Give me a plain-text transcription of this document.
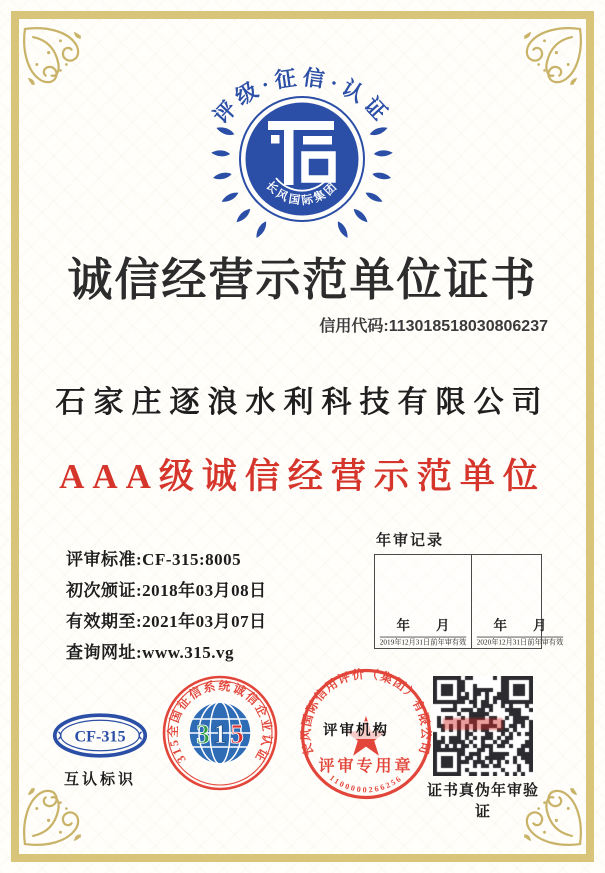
评级·征信·认证
长风国际集团
诚信经营示范单位证书
信用代码:113018518030806237
石家庄逐浪水利科技有限公司
AAA级诚信经营示范单位
评审标准:CF-315:8005
初次颁证:2018年03月08日
有效期至:2021年03月07日
查询网址:www.315.vg
年审记录
年 月
2019年12月31日前年审有效
年 月
2020年12月31日前年审有效
CF-315
互认标识
315全国征信系统诚信企业认证
3 1 5	长风国际信用评价（集团）有限公司
评审机构
评审专用章
1100000266256
证书真伪年审验证
